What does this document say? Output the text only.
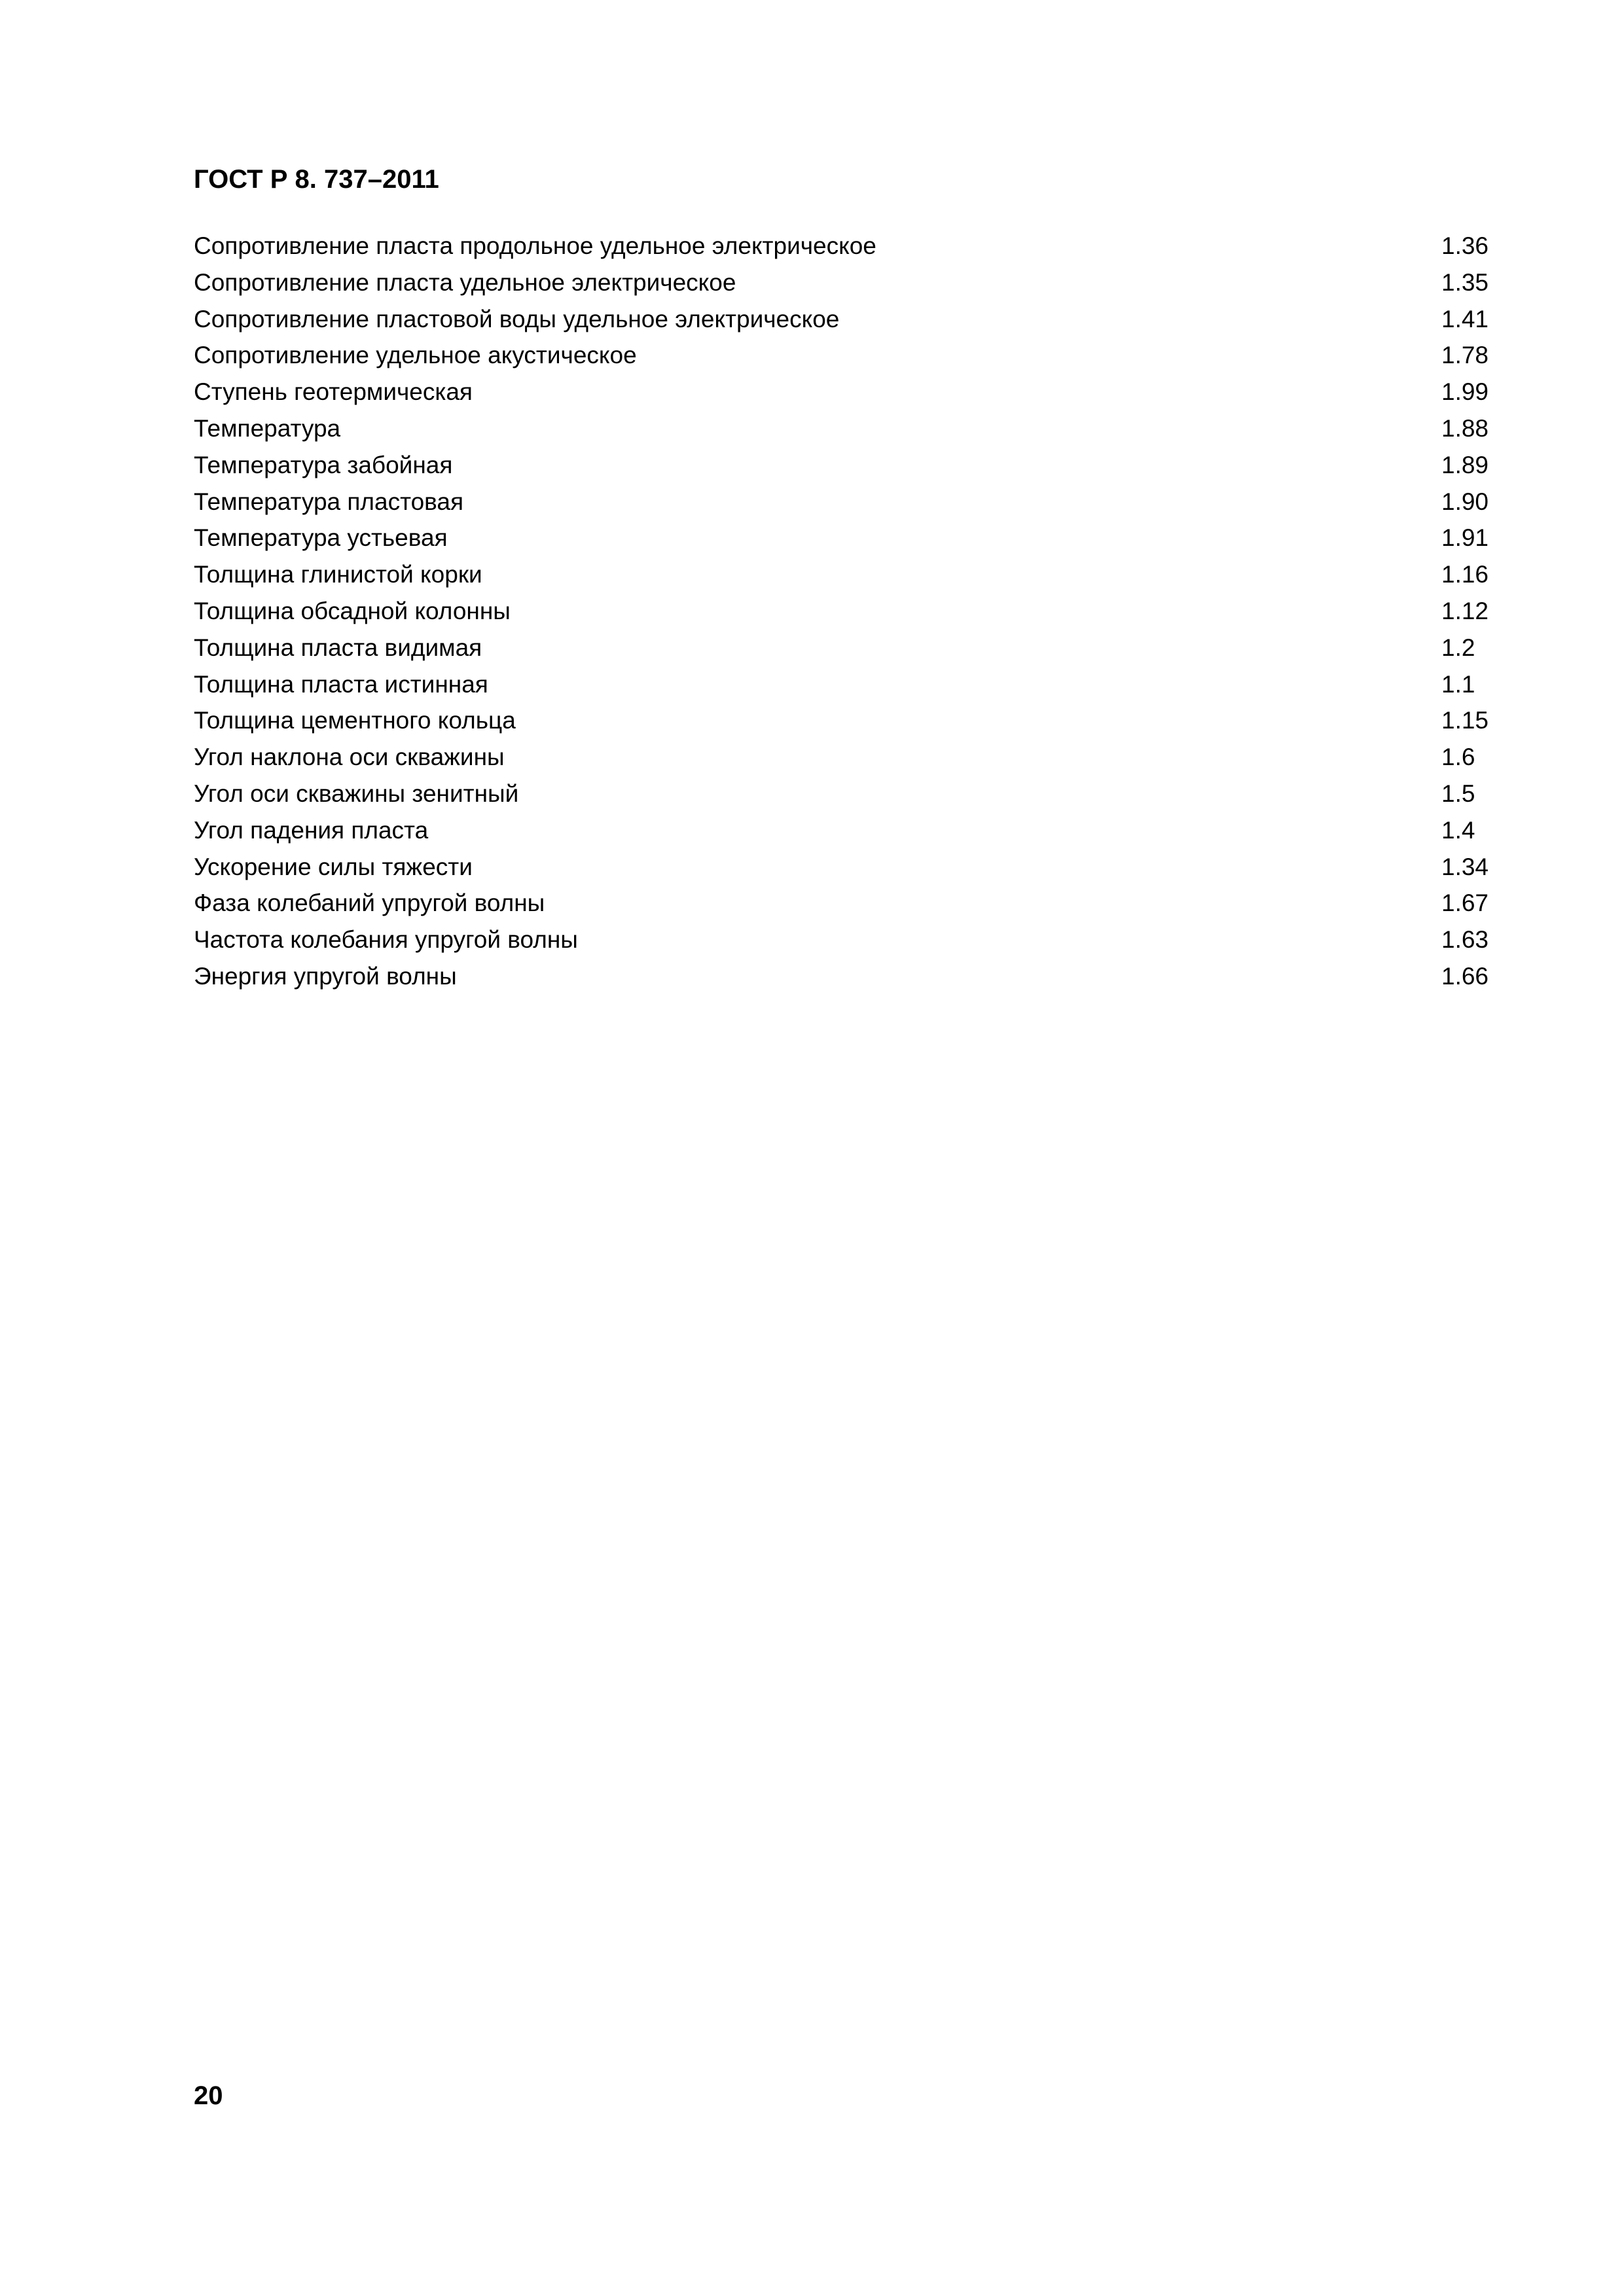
ГОСТ Р 8. 737–2011
Сопротивление пласта продольное удельное электрическое	1.36
Сопротивление пласта удельное электрическое	1.35
Сопротивление пластовой воды удельное электрическое	1.41
Сопротивление удельное акустическое	1.78
Ступень геотермическая	1.99
Температура	1.88
Температура забойная	1.89
Температура пластовая	1.90
Температура устьевая	1.91
Толщина глинистой корки	1.16
Толщина обсадной колонны	1.12
Толщина пласта видимая	1.2
Толщина пласта истинная	1.1
Толщина цементного кольца	1.15
Угол наклона оси скважины	1.6
Угол оси скважины зенитный	1.5
Угол падения пласта	1.4
Ускорение силы тяжести	1.34
Фаза колебаний упругой волны	1.67
Частота колебания упругой волны	1.63
Энергия упругой волны	1.66
20
